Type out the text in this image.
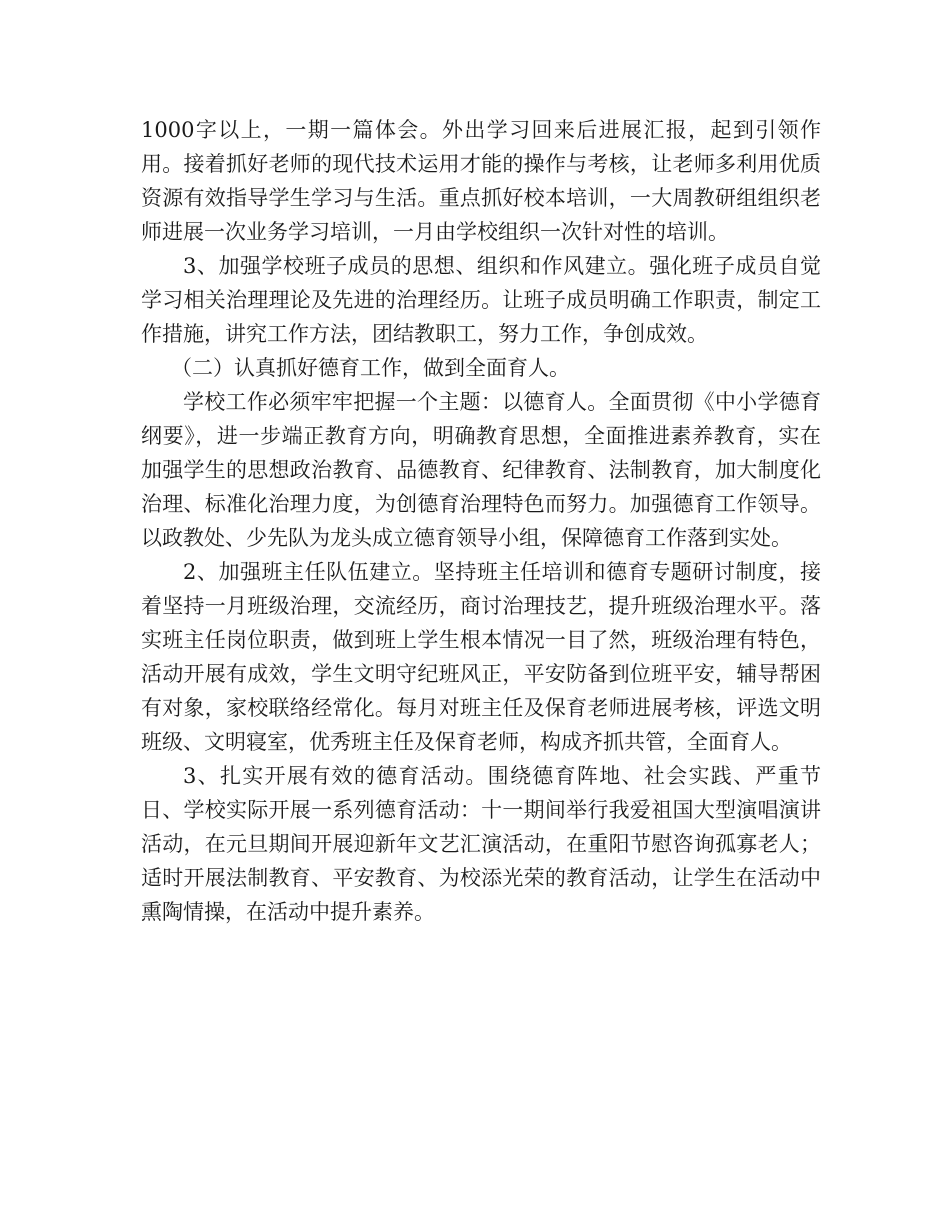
1000字以上，一期一篇体会。外出学习回来后进展汇报，起到引领作用。接着抓好老师的现代技术运用才能的操作与考核，让老师多利用优质资源有效指导学生学习与生活。重点抓好校本培训，一大周教研组组织老师进展一次业务学习培训，一月由学校组织一次针对性的培训。

3、加强学校班子成员的思想、组织和作风建立。强化班子成员自觉学习相关治理理论及先进的治理经历。让班子成员明确工作职责，制定工作措施，讲究工作方法，团结教职工，努力工作，争创成效。

（二）认真抓好德育工作，做到全面育人。

学校工作必须牢牢把握一个主题：以德育人。全面贯彻《中小学德育纲要》，进一步端正教育方向，明确教育思想，全面推进素养教育，实在加强学生的思想政治教育、品德教育、纪律教育、法制教育，加大制度化治理、标准化治理力度，为创德育治理特色而努力。加强德育工作领导。以政教处、少先队为龙头成立德育领导小组，保障德育工作落到实处。

2、加强班主任队伍建立。坚持班主任培训和德育专题研讨制度，接着坚持一月班级治理，交流经历，商讨治理技艺，提升班级治理水平。落实班主任岗位职责，做到班上学生根本情况一目了然，班级治理有特色，活动开展有成效，学生文明守纪班风正，平安防备到位班平安，辅导帮困有对象，家校联络经常化。每月对班主任及保育老师进展考核，评选文明班级、文明寝室，优秀班主任及保育老师，构成齐抓共管，全面育人。

3、扎实开展有效的德育活动。围绕德育阵地、社会实践、严重节日、学校实际开展一系列德育活动：十一期间举行我爱祖国大型演唱演讲活动，在元旦期间开展迎新年文艺汇演活动，在重阳节慰咨询孤寡老人；适时开展法制教育、平安教育、为校添光荣的教育活动，让学生在活动中熏陶情操，在活动中提升素养。
